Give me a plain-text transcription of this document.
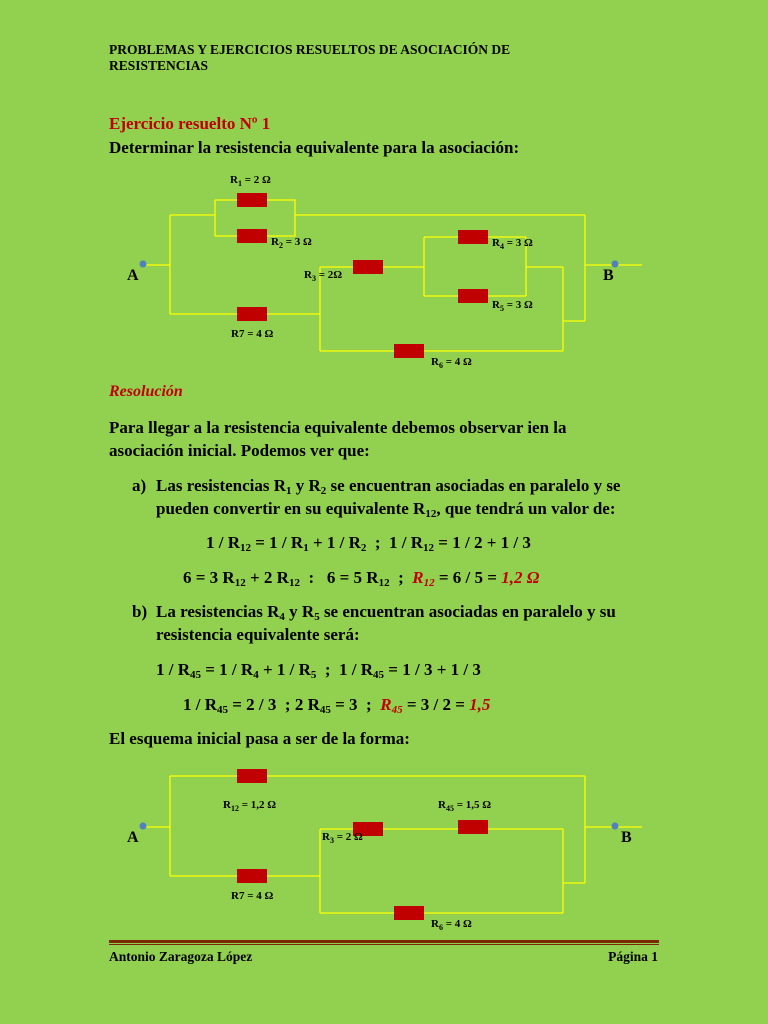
PROBLEMAS Y EJERCICIOS RESUELTOS DE ASOCIACIÓN DE
RESISTENCIAS
Ejercicio resuelto Nº 1
Determinar la resistencia equivalente para la asociación:
A	B
$R_1 = 2$ Ω
$R_2 = 3$ Ω
$R_3 = 2\Omega$
$R_4 = 3$ Ω
$R_5 = 3$ Ω
$R_6 = 4$ Ω
R7 = 4 Ω
A	B
$R_{12} = 1,2$ Ω	$R_{45} = 1,5$ Ω
$R_3 = 2$ Ω
$R_6 = 4$ Ω
R7 = 4 Ω
Resolución
Para llegar a la resistencia equivalente debemos observar ien la
asociación inicial. Podemos ver que:
a) Las resistencias $R_1$ y $R_2$ se encuentran asociadas en paralelo y se
pueden convertir en su equivalente $R_{12}$, que tendrá un valor de:
$1 / R_{12} = 1 / R_1 + 1 / R_2$  ;  $1 / R_{12} = 1 / 2 + 1 / 3$
6 = 3 $R_{12} + 2$ $R_{12}$  :   6 = 5 $R_{12}$  ;  $R_{12} = 6 / 5 = 1,2$ Ω
b) La resistencias $R_4$ y $R_5$ se encuentran asociadas en paralelo y su
resistencia equivalente será:
$1 / R_{45} = 1 / R_4 + 1 / R_5$  ;  $1 / R_{45} = 1 / 3 + 1 / 3$
$1 / R_{45} = 2 / 3$  ; 2 $R_{45} = 3$  ;  $R_{45} = 3 / 2 = 1,5$
El esquema inicial pasa a ser de la forma:
Antonio Zaragoza López	Página 1
